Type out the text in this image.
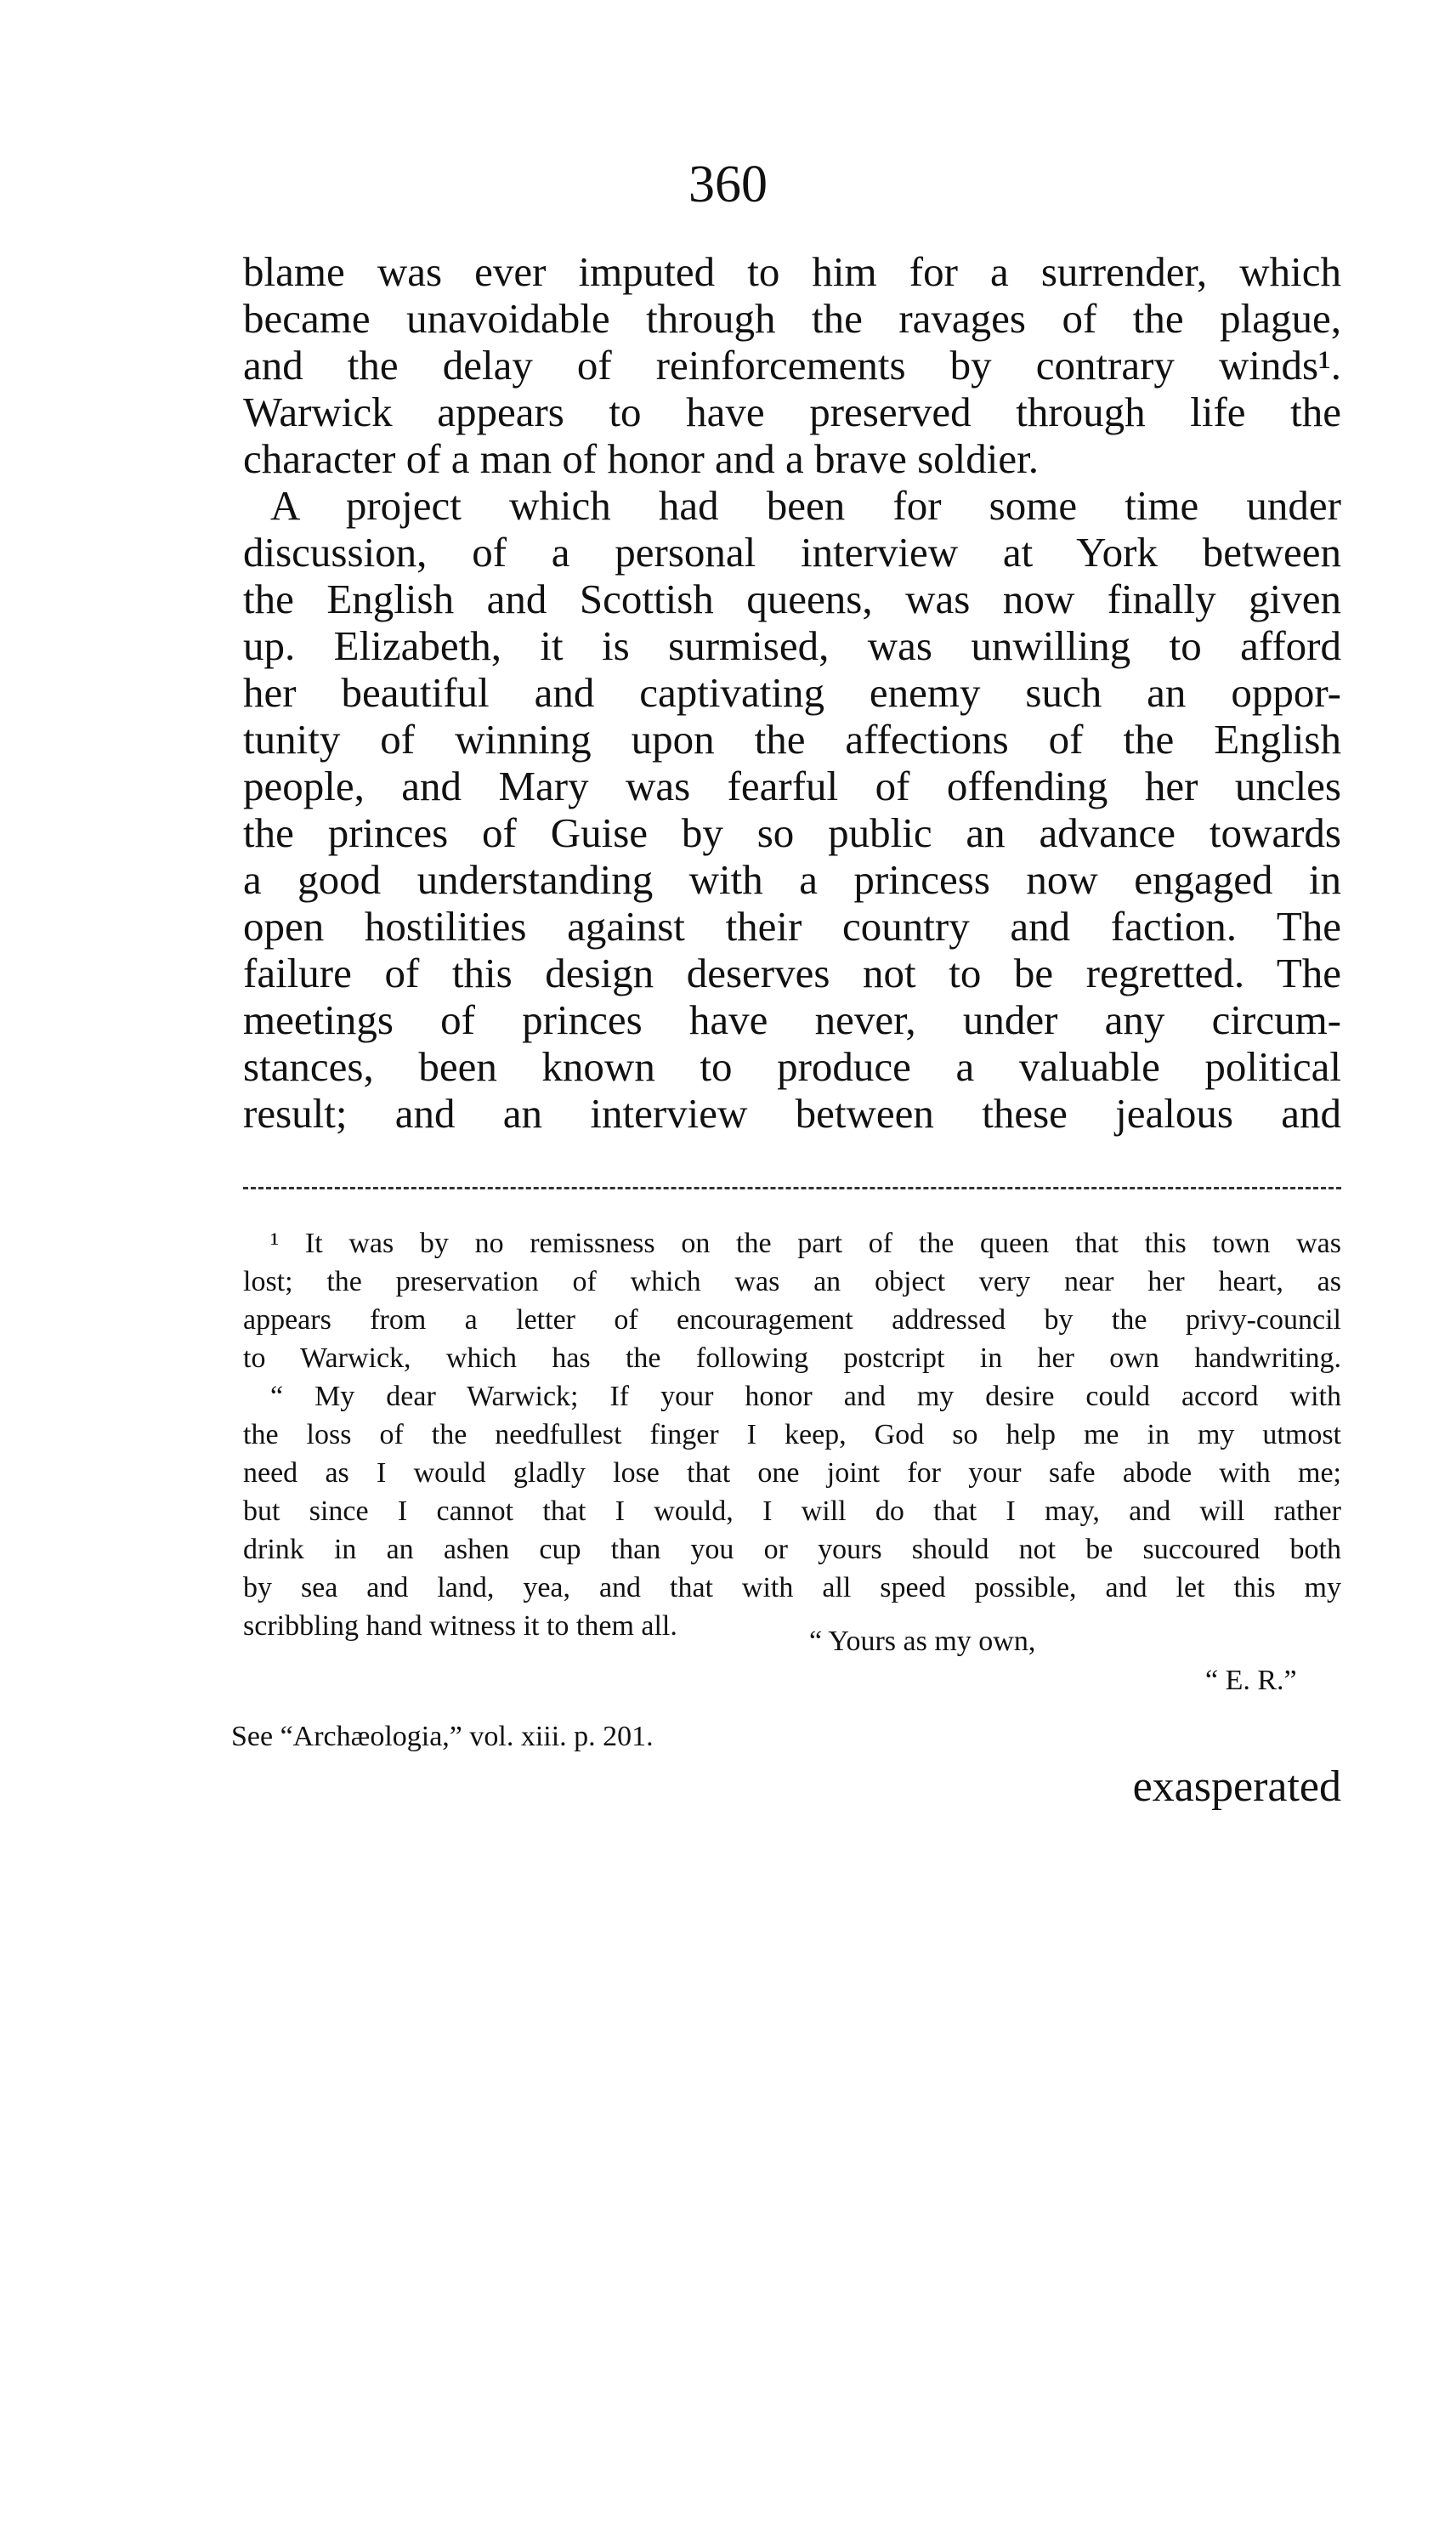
360
blame was ever imputed to him for a surrender, which
became unavoidable through the ravages of the plague,
and the delay of reinforcements by contrary winds¹.
Warwick appears to have preserved through life the
character of a man of honor and a brave soldier.
A project which had been for some time under
discussion, of a personal interview at York between
the English and Scottish queens, was now finally given
up. Elizabeth, it is surmised, was unwilling to afford
her beautiful and captivating enemy such an oppor-
tunity of winning upon the affections of the English
people, and Mary was fearful of offending her uncles
the princes of Guise by so public an advance towards
a good understanding with a princess now engaged in
open hostilities against their country and faction. The
failure of this design deserves not to be regretted. The
meetings of princes have never, under any circum-
stances, been known to produce a valuable political
result; and an interview between these jealous and
¹ It was by no remissness on the part of the queen that this town was
lost; the preservation of which was an object very near her heart, as
appears from a letter of encouragement addressed by the privy-council
to Warwick, which has the following postcript in her own handwriting.
“ My dear Warwick; If your honor and my desire could accord with
the loss of the needfullest finger I keep, God so help me in my utmost
need as I would gladly lose that one joint for your safe abode with me;
but since I cannot that I would, I will do that I may, and will rather
drink in an ashen cup than you or yours should not be succoured both
by sea and land, yea, and that with all speed possible, and let this my
scribbling hand witness it to them all.	“ Yours as my own,
“ E. R.”
See “Archæologia,” vol. xiii. p. 201.
exasperated
